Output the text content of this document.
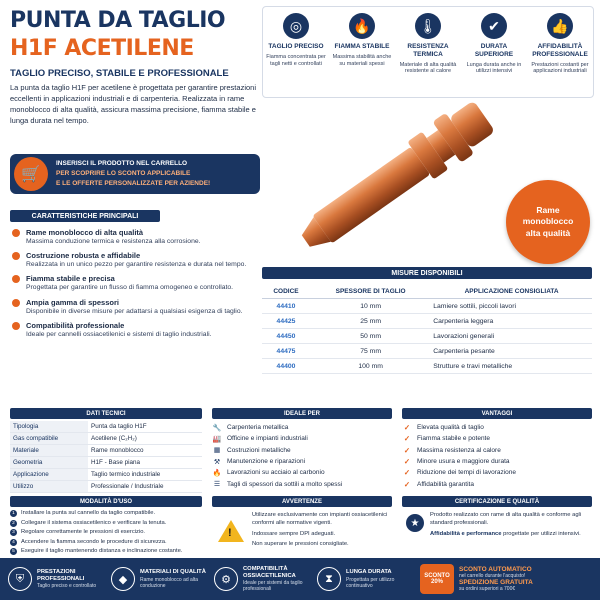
PUNTA DA TAGLIO
H1F ACETILENE
TAGLIO PRECISO, STABILE E PROFESSIONALE
La punta da taglio H1F per acetilene è progettata per garantire prestazioni eccellenti in applicazioni industriali e di carpenteria. Realizzata in rame monoblocco di alta qualità, assicura massima precisione, fiamma stabile e lunga durata nel tempo.
◎
TAGLIO PRECISO
Fiamma concentrata per tagli netti e controllati
🔥
FIAMMA STABILE
Massima stabilità anche su materiali spessi
🌡
RESISTENZA TERMICA
Materiale di alta qualità resistente al calore
✔
DURATA SUPERIORE
Lunga durata anche in utilizzi intensivi
👍
AFFIDABILITÀ PROFESSIONALE
Prestazioni costanti per applicazioni industriali
🛒
INSERISCI IL PRODOTTO NEL CARRELLO
PER SCOPRIRE LO SCONTO APPLICABILE
E LE OFFERTE PERSONALIZZATE PER AZIENDE!
Rame
monoblocco
alta qualità
CARATTERISTICHE PRINCIPALI
Rame monoblocco di alta qualità
Massima conduzione termica e resistenza alla corrosione.
Costruzione robusta e affidabile
Realizzata in un unico pezzo per garantire resistenza e durata nel tempo.
Fiamma stabile e precisa
Progettata per garantire un flusso di fiamma omogeneo e controllato.
Ampia gamma di spessori
Disponibile in diverse misure per adattarsi a qualsiasi esigenza di taglio.
Compatibilità professionale
Ideale per cannelli ossiacetilenici e sistemi di taglio industriali.
MISURE DISPONIBILI
CODICE	SPESSORE DI TAGLIO	APPLICAZIONE CONSIGLIATA
44410	10 mm	Lamiere sottili, piccoli lavori
44425	25 mm	Carpenteria leggera
44450	50 mm	Lavorazioni generali
44475	75 mm	Carpenteria pesante
44400	100 mm	Strutture e travi metalliche
DATI TECNICI
Tipologia	Punta da taglio H1F
Gas compatibile	Acetilene (C₂H₂)
Materiale	Rame monoblocco
Geometria	H1F - Base piana
Applicazione	Taglio termico industriale
Utilizzo	Professionale / Industriale
IDEALE PER
🔧 Carpenteria metallica
🏭 Officine e impianti industriali
▦ Costruzioni metalliche
⚒ Manutenzione e riparazioni
🔥 Lavorazioni su acciaio al carbonio
☰ Tagli di spessori da sottili a molto spessi
VANTAGGI
✓ Elevata qualità di taglio
✓ Fiamma stabile e potente
✓ Massima resistenza al calore
✓ Minore usura e maggiore durata
✓ Riduzione dei tempi di lavorazione
✓ Affidabilità garantita
MODALITÀ D'USO
1	Installare la punta sul cannello da taglio compatibile.
2	Collegare il sistema ossiacetilenico e verificare la tenuta.
3	Regolare correttamente le pressioni di esercizio.
4	Accendere la fiamma secondo le procedure di sicurezza.
5	Eseguire il taglio mantenendo distanza e inclinazione costante.
AVVERTENZE
!

Utilizzare esclusivamente con impianti ossiacetilenici conformi alle normative vigenti.

Indossare sempre DPI adeguati.

Non superare le pressioni consigliate.

CERTIFICAZIONE E QUALITÀ
★

Prodotto realizzato con rame di alta qualità e conforme agli standard professionali.

Affidabilità e performance progettate per utilizzi intensivi.

⛨
PRESTAZIONI PROFESSIONALI
Taglio preciso e controllato
◆
MATERIALI DI QUALITÀ
Rame monoblocco ad alta conduzione
⚙
COMPATIBILITÀ OSSIACETILENICA
Ideale per sistemi da taglio professionali
⧗
LUNGA DURATA
Progettata per utilizzo continuativo
SCONTO
20%
SCONTO AUTOMATICO
nel carrello durante l'acquisto!
SPEDIZIONE GRATUITA
su ordini superiori a 700€
